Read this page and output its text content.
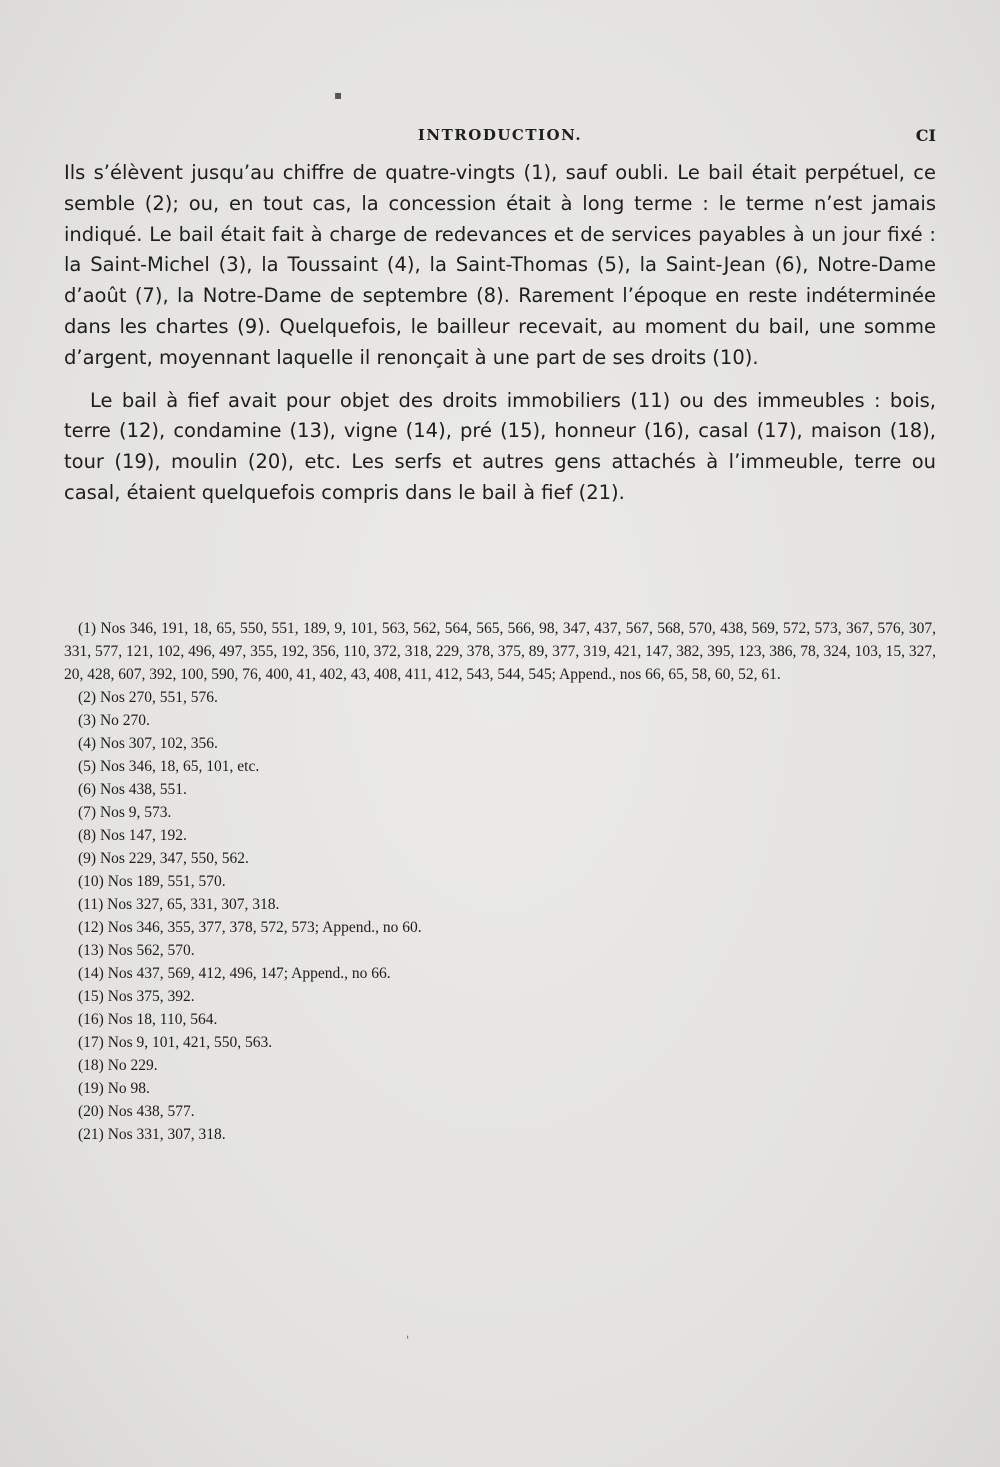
▪
INTRODUCTION.	CI

Ils s’élèvent jusqu’au chiffre de quatre-vingts (1), sauf oubli. Le bail était perpétuel, ce semble (2); ou, en tout cas, la concession était à long terme : le terme n’est jamais indiqué. Le bail était fait à charge de redevances et de services payables à un jour fixé : la Saint-Michel (3), la Toussaint (4), la Saint-Thomas (5), la Saint-Jean (6), Notre-Dame d’août (7), la Notre-Dame de septembre (8). Rarement l’époque en reste indéterminée dans les chartes (9). Quelquefois, le bailleur recevait, au moment du bail, une somme d’argent, moyennant laquelle il renonçait à une part de ses droits (10).

Le bail à fief avait pour objet des droits immobiliers (11) ou des immeubles : bois, terre (12), condamine (13), vigne (14), pré (15), honneur (16), casal (17), maison (18), tour (19), moulin (20), etc. Les serfs et autres gens attachés à l’immeuble, terre ou casal, étaient quelquefois compris dans le bail à fief (21).

(1) Nos 346, 191, 18, 65, 550, 551, 189, 9, 101, 563, 562, 564, 565, 566, 98, 347, 437, 567, 568, 570, 438, 569, 572, 573, 367, 576, 307, 331, 577, 121, 102, 496, 497, 355, 192, 356, 110, 372, 318, 229, 378, 375, 89, 377, 319, 421, 147, 382, 395, 123, 386, 78, 324, 103, 15, 327, 20, 428, 607, 392, 100, 590, 76, 400, 41, 402, 43, 408, 411, 412, 543, 544, 545; Append., nos 66, 65, 58, 60, 52, 61.

(2) Nos 270, 551, 576.

(3) No 270.

(4) Nos 307, 102, 356.

(5) Nos 346, 18, 65, 101, etc.

(6) Nos 438, 551.

(7) Nos 9, 573.

(8) Nos 147, 192.

(9) Nos 229, 347, 550, 562.

(10) Nos 189, 551, 570.

(11) Nos 327, 65, 331, 307, 318.

(12) Nos 346, 355, 377, 378, 572, 573; Append., no 60.

(13) Nos 562, 570.

(14) Nos 437, 569, 412, 496, 147; Append., no 66.

(15) Nos 375, 392.

(16) Nos 18, 110, 564.

(17) Nos 9, 101, 421, 550, 563.

(18) No 229.

(19) No 98.

(20) Nos 438, 577.

(21) Nos 331, 307, 318.

ˌ
